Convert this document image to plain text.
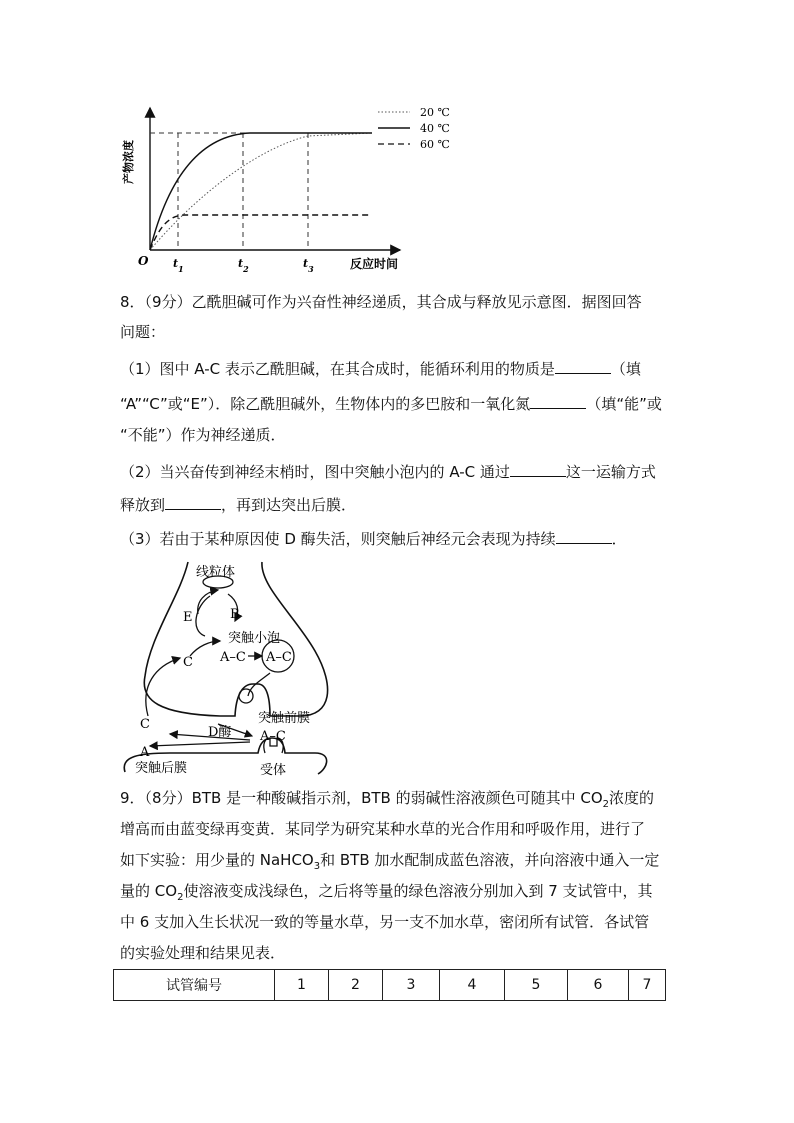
产物浓度
O	反应时间
$t_1$	$t_2$	$t_3$
20 ℃
40 ℃
60 ℃
8．（9分）乙酰胆碱可作为兴奋性神经递质，其合成与释放见示意图．据图回答
问题：
（1）图中 A-C 表示乙酰胆碱，在其合成时，能循环利用的物质是	（填
“A”“C”或“E”）．除乙酰胆碱外，生物体内的多巴胺和一氧化氮	（填“能”或
“不能”）作为神经递质．
（2）当兴奋传到神经末梢时，图中突触小泡内的 A-C 通过	这一运输方式
释放到	，再到达突出后膜．
（3）若由于某种原因使 D 酶失活，则突触后神经元会表现为持续	．
线粒体
E	B
突触小泡
C A–C A–C
突触前膜
C
D酶 A–C
A
突触后膜	受体
9．（8分）BTB 是一种酸碱指示剂，BTB 的弱碱性溶液颜色可随其中 $CO_2$浓度的
增高而由蓝变绿再变黄．某同学为研究某种水草的光合作用和呼吸作用，进行了
如下实验：用少量的 NaHCO$_3$和 BTB 加水配制成蓝色溶液，并向溶液中通入一定
量的 $CO_2$使溶液变成浅绿色，之后将等量的绿色溶液分别加入到 7 支试管中，其
中 6 支加入生长状况一致的等量水草，另一支不加水草，密闭所有试管．各试管
的实验处理和结果见表．
试管编号	1	2	3	4	5	6	7
